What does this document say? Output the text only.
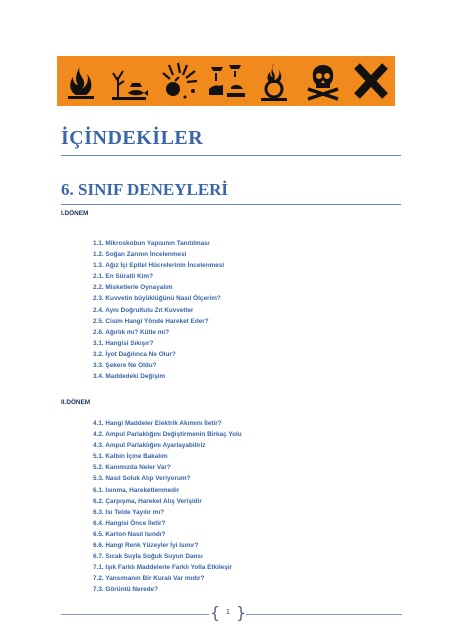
İÇİNDEKİLER
6. SINIF DENEYLERİ
I.DÖNEM
1.1. Mikroskobun Yapısının Tanıtılması
1.2. Soğan Zarının İncelenmesi
1.3. Ağız İçi Epitel Hücrelerinin İncelenmesi
2.1. En Süratli Kim?
2.2. Misketlerle Oynayalım
2.3. Kuvvetin büyüklüğünü Nasıl Ölçerim?
2.4. Aynı Doğrultulu Zıt Kuvvetler
2.5. Cisim Hangi Yönde Hareket Eder?
2.6. Ağırlık mı? Kütle mi?
3.1. Hangisi Sıkışır?
3.2. İyot Dağılınca Ne Olur?
3.3. Şekere Ne Oldu?
3.4. Maddedeki Değişim
II.DÖNEM
4.1. Hangi Maddeler Elektrik Akımını İletir?
4.2. Ampul Parlaklığını Değiştirmenin Birkaç Yolu
4.3. Ampul Parlaklığını Ayarlayabiliriz
5.1. Kalbin İçine Bakalım
5.2. Kanımızda Neler Var?
5.3. Nasıl Soluk Alıp Veriyorum?
6.1. Isınma, Hareketlenmedir
6.2. Çarpışma, Hareket Alış Verişidir
6.3. Isı Telde Yayılır mı?
6.4. Hangisi Önce İletir?
6.5. Karton Nasıl Isındı?
6.6. Hangi Renk Yüzeyler İyi Isınır?
6.7. Sıcak Suyla Soğuk Suyun Dansı
7.1. Işık Farklı Maddelerle Farklı Yolla Etkileşir
7.2. Yansımanın Bir Kuralı Var mıdır?
7.3. Görüntü Nerede?
{ 1 }
